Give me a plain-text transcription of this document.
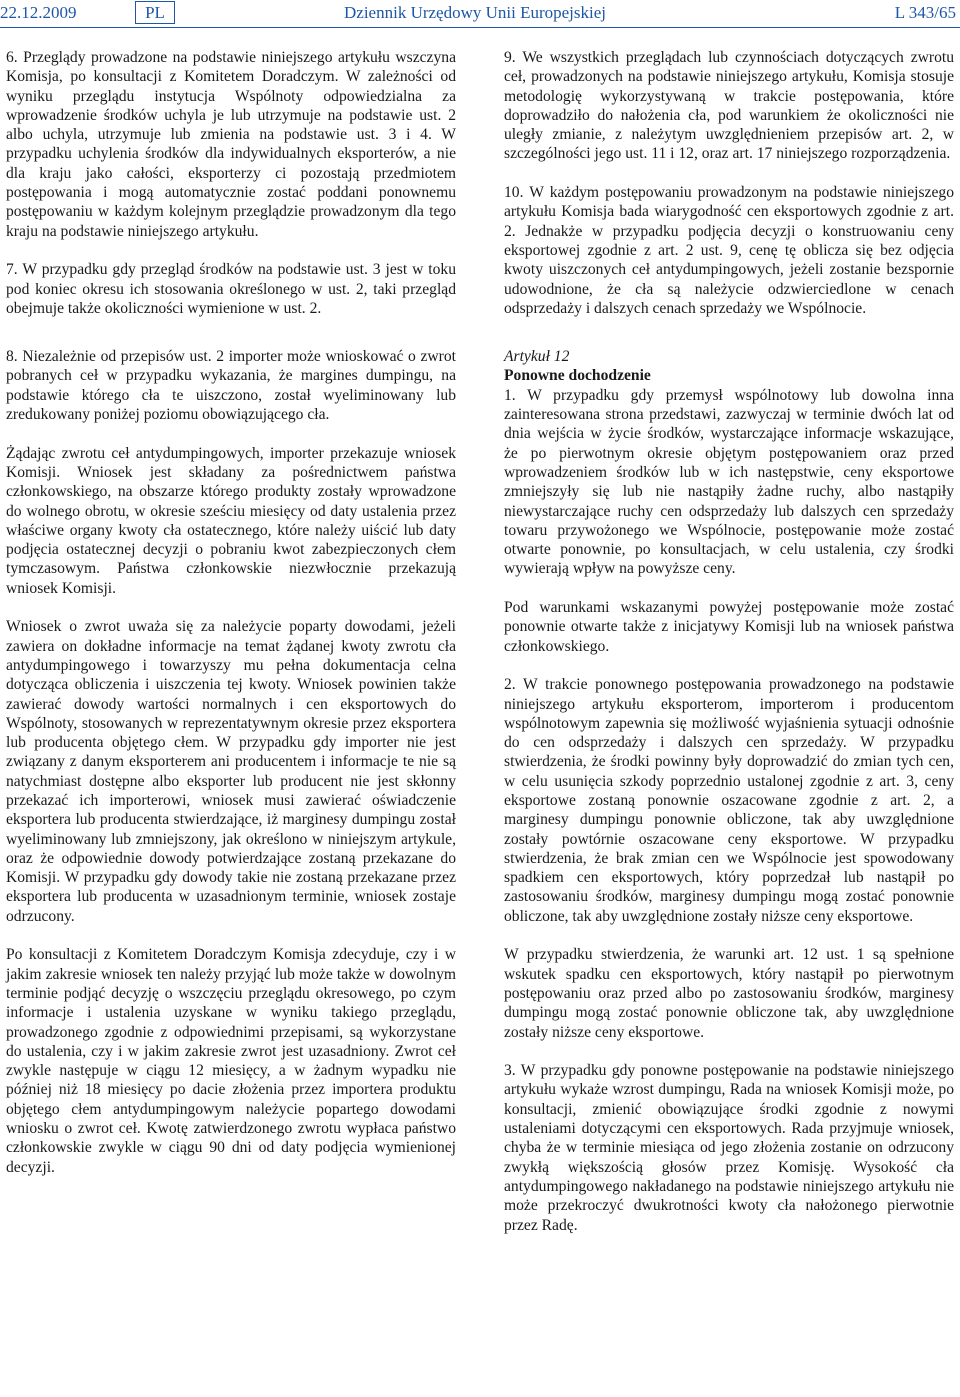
22.12.2009	PL	Dziennik Urzędowy Unii Europejskiej	L 343/65

6. Przeglądy prowadzone na podstawie niniejszego artykułu wszczyna Komisja, po konsultacji z Komitetem Doradczym. W zależności od wyniku przeglądu instytucja Wspólnoty odpowiedzialna za wprowadzenie środków uchyla je lub utrzymuje na podstawie ust. 2 albo uchyla, utrzymuje lub zmienia na podstawie ust. 3 i 4. W przypadku uchylenia środków dla indywidualnych eksporterów, a nie dla kraju jako całości, eksporterzy ci pozostają przedmiotem postępowania i mogą automatycznie zostać poddani ponownemu postępowaniu w każdym kolejnym przeglądzie prowadzonym dla tego kraju na podstawie niniejszego artykułu.

7. W przypadku gdy przegląd środków na podstawie ust. 3 jest w toku pod koniec okresu ich stosowania określonego w ust. 2, taki przegląd obejmuje także okoliczności wymienione w ust. 2.

8. Niezależnie od przepisów ust. 2 importer może wnioskować o zwrot pobranych ceł w przypadku wykazania, że margines dumpingu, na podstawie którego cła te uiszczono, został wyeliminowany lub zredukowany poniżej poziomu obowiązującego cła.

Żądając zwrotu ceł antydumpingowych, importer przekazuje wniosek Komisji. Wniosek jest składany za pośrednictwem państwa członkowskiego, na obszarze którego produkty zostały wprowadzone do wolnego obrotu, w okresie sześciu miesięcy od daty ustalenia przez właściwe organy kwoty cła ostatecznego, które należy uiścić lub daty podjęcia ostatecznej decyzji o pobraniu kwot zabezpieczonych cłem tymczasowym. Państwa członkowskie niezwłocznie przekazują wniosek Komisji.

Wniosek o zwrot uważa się za należycie poparty dowodami, jeżeli zawiera on dokładne informacje na temat żądanej kwoty zwrotu cła antydumpingowego i towarzyszy mu pełna dokumentacja celna dotycząca obliczenia i uiszczenia tej kwoty. Wniosek powinien także zawierać dowody wartości normalnych i cen eksportowych do Wspólnoty, stosowanych w reprezentatywnym okresie przez eksportera lub producenta objętego cłem. W przypadku gdy importer nie jest związany z danym eksporterem ani producentem i informacje te nie są natychmiast dostępne albo eksporter lub producent nie jest skłonny przekazać ich importerowi, wniosek musi zawierać oświadczenie eksportera lub producenta stwierdzające, iż marginesy dumpingu został wyeliminowany lub zmniejszony, jak określono w niniejszym artykule, oraz że odpowiednie dowody potwierdzające zostaną przekazane do Komisji. W przypadku gdy dowody takie nie zostaną przekazane przez eksportera lub producenta w uzasadnionym terminie, wniosek zostaje odrzucony.

Po konsultacji z Komitetem Doradczym Komisja zdecyduje, czy i w jakim zakresie wniosek ten należy przyjąć lub może także w dowolnym terminie podjąć decyzję o wszczęciu przeglądu okresowego, po czym informacje i ustalenia uzyskane w wyniku takiego przeglądu, prowadzonego zgodnie z odpowiednimi przepisami, są wykorzystane do ustalenia, czy i w jakim zakresie zwrot jest uzasadniony. Zwrot ceł zwykle następuje w ciągu 12 miesięcy, a w żadnym wypadku nie później niż 18 miesięcy po dacie złożenia przez importera produktu objętego cłem antydumpingowym należycie popartego dowodami wniosku o zwrot ceł. Kwotę zatwierdzonego zwrotu wypłaca państwo członkowskie zwykle w ciągu 90 dni od daty podjęcia wymienionej decyzji.

9. We wszystkich przeglądach lub czynnościach dotyczących zwrotu ceł, prowadzonych na podstawie niniejszego artykułu, Komisja stosuje metodologię wykorzystywaną w trakcie postępowania, które doprowadziło do nałożenia cła, pod warunkiem że okoliczności nie uległy zmianie, z należytym uwzględnieniem przepisów art. 2, w szczególności jego ust. 11 i 12, oraz art. 17 niniejszego rozporządzenia.

10. W każdym postępowaniu prowadzonym na podstawie niniejszego artykułu Komisja bada wiarygodność cen eksportowych zgodnie z art. 2. Jednakże w przypadku podjęcia decyzji o konstruowaniu ceny eksportowej zgodnie z art. 2 ust. 9, cenę tę oblicza się bez odjęcia kwoty uiszczonych ceł antydumpingowych, jeżeli zostanie bezspornie udowodnione, że cła są należycie odzwierciedlone w cenach odsprzedaży i dalszych cenach sprzedaży we Wspólnocie.

Artykuł 12

Ponowne dochodzenie

1. W przypadku gdy przemysł wspólnotowy lub dowolna inna zainteresowana strona przedstawi, zazwyczaj w terminie dwóch lat od dnia wejścia w życie środków, wystarczające informacje wskazujące, że po pierwotnym okresie objętym postępowaniem oraz przed wprowadzeniem środków lub w ich następstwie, ceny eksportowe zmniejszyły się lub nie nastąpiły żadne ruchy, albo nastąpiły niewystarczające ruchy cen odsprzedaży lub dalszych cen sprzedaży towaru przywożonego we Wspólnocie, postępowanie może zostać otwarte ponownie, po konsultacjach, w celu ustalenia, czy środki wywierają wpływ na powyższe ceny.

Pod warunkami wskazanymi powyżej postępowanie może zostać ponownie otwarte także z inicjatywy Komisji lub na wniosek państwa członkowskiego.

2. W trakcie ponownego postępowania prowadzonego na podstawie niniejszego artykułu eksporterom, importerom i producentom wspólnotowym zapewnia się możliwość wyjaśnienia sytuacji odnośnie do cen odsprzedaży i dalszych cen sprzedaży. W przypadku stwierdzenia, że środki powinny były doprowadzić do zmian tych cen, w celu usunięcia szkody poprzednio ustalonej zgodnie z art. 3, ceny eksportowe zostaną ponownie oszacowane zgodnie z art. 2, a marginesy dumpingu ponownie obliczone, tak aby uwzględnione zostały powtórnie oszacowane ceny eksportowe. W przypadku stwierdzenia, że brak zmian cen we Wspólnocie jest spowodowany spadkiem cen eksportowych, który poprzedzał lub nastąpił po zastosowaniu środków, marginesy dumpingu mogą zostać ponownie obliczone, tak aby uwzględnione zostały niższe ceny eksportowe.

W przypadku stwierdzenia, że warunki art. 12 ust. 1 są spełnione wskutek spadku cen eksportowych, który nastąpił po pierwotnym postępowaniu oraz przed albo po zastosowaniu środków, marginesy dumpingu mogą zostać ponownie obliczone tak, aby uwzględnione zostały niższe ceny eksportowe.

3. W przypadku gdy ponowne postępowanie na podstawie niniejszego artykułu wykaże wzrost dumpingu, Rada na wniosek Komisji może, po konsultacji, zmienić obowiązujące środki zgodnie z nowymi ustaleniami dotyczącymi cen eksportowych. Rada przyjmuje wniosek, chyba że w terminie miesiąca od jego złożenia zostanie on odrzucony zwykłą większością głosów przez Komisję. Wysokość cła antydumpingowego nakładanego na podstawie niniejszego artykułu nie może przekroczyć dwukrotności kwoty cła nałożonego pierwotnie przez Radę.
